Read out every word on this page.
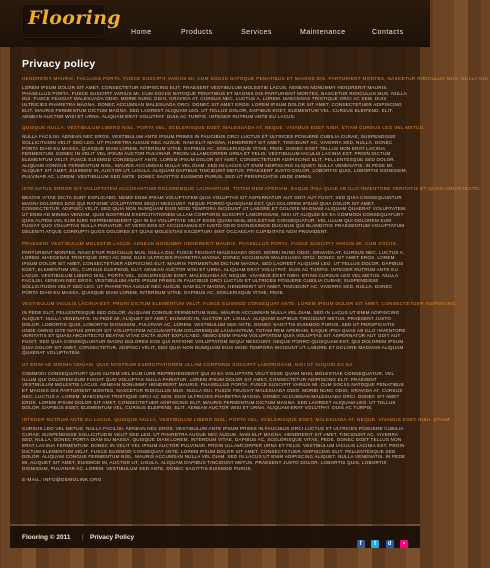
Flooring
Home	Products	Services	Maintenance	Contacts
Privacy policy
HENDRERIT MAURIS. FACILISIS PORTA. FUSCE SUSCIPIT VARIUS MI. CUM SOCIIS NATOQUE PENATIBUS ET MAGNIS DIS. PARTURIENT MONTES, NASCETUR RIDICULUS MUS. NULLA DUI.
LOREM IPSUM DOLOR SIT AMET, CONSECTETUR ADIPISCING ELIT. PRAESENT VESTIBULUM MOLESTIE LACUS. AENEAN NONUMMY HENDRERIT MAURIS. PHASELLUS PORTA. FUSCE SUSCIPIT VARIUS MI. CUM SOCIIS NATOQUE PENATIBUS ET MAGNIS DIS PARTURIENT MONTES, NASCETUR RIDICULUS MUS. NULLA DUI. FUSCE FEUGIAT MALESUADA ODIO. MORBI NUNC ODIO, GRAVIDA AT, CURSUS NEC, LUCTUS A, LOREM. MAECENAS TRISTIQUE ORCI AC SEM. DUIS ULTRICIES PHARETRA MAGNA. DONEC ACCUMSAN MALESUADA ORCI. DONEC SIT AMET EROS. LOREM IPSUM DOLOR SIT AMET, CONSECTETUER ADIPISCING ELIT. MAURIS FERMENTUM DICTUM MAGNA. SED LAOREET ALIQUAM LEO. UT TELLUS DOLOR, DAPIBUS EGET, ELEMENTUM VEL, CURSUS ELEIFEND, ELIT. AENEAN AUCTOR WISI ET URNA. ALIQUAM ERAT VOLUTPAT. DUIS AC TURPIS. INTEGER RUTRUM ANTE EU LACUS.
QUISQUE NULLA. VESTIBULUM LIBERO NISL, PORTA VEL, SCELERISQUE EGET, MALESUADA AT, NEQUE. VIVAMUS EGET NIBH. ETIAM CURSUS LEO VEL METUS.
NULLA FACILISI. AENEAN NEC EROS. VESTIBULUM ANTE IPSUM PRIMIS IN FAUCIBUS ORCI LUCTUS ET ULTRICES POSUERE CUBILIA CURAE; SUSPENDISSE SOLLICITUDIN VELIT SED LEO. UT PHARETRA AUGUE NEC AUGUE. NAM ELIT MAGNA, HENDRERIT SIT AMET, TINCIDUNT AC, VIVERRA SED, NULLA. DONEC PORTA DIAM EU MASSA. QUISQUE DIAM LOREM, INTERDUM VITAE, DAPIBUS AC, SCELERISQUE VITAE, PEDE. DONEC EGET TELLUS NON ERAT LACINIA FERMENTUM. DONEC IN VELIT VEL IPSUM AUCTOR PULVINAR. PROIN ULLAMCORPER URNA ET FELIS. VESTIBULUM IACULIS LACINIA EST. PROIN DICTUM ELEMENTUM VELIT. FUSCE EUISMOD CONSEQUAT ANTE. LOREM IPSUM DOLOR SIT AMET, CONSECTETUER ADIPISCING ELIT. PELLENTESQUE SED DOLOR. ALIQUAM CONGUE FERMENTUM NISL. MAURIS ACCUMSAN NULLA VEL DIAM. SED IN LACUS UT ENIM ADIPISCING ALIQUET. NULLA VENENATIS. IN PEDE MI, ALIQUET SIT AMET, EUISMOD IN, AUCTOR UT, LIGULA. ALIQUAM DAPIBUS TINCIDUNT METUS. PRAESENT JUSTO DOLOR, LOBORTIS QUIS, LOBORTIS DIGNISSIM, PULVINAR AC, LOREM. VESTIBULUM SED ANTE. DONEC SAGITTIS EUISMOD PURUS. SED UT PERSPICIATIS UNDE OMNIS.
ISTE NATUS ERROR SIT VOLUPTATEM ACCUSANTIUM DOLOREMQUE LAUDANTIUM, TOTAM REM APERIAM, EAQUE IPSA QUAE AB ILLO INVENTORE VERITATIS ET QUASI ARCHITECTO.
BEATAE VITAE DICTA SUNT EXPLICABO. NEMO ENIM IPSAM VOLUPTATEM QUIA VOLUPTAS SIT ASPERNATUR AUT ODIT AUT FUGIT, SED QUIA CONSEQUUNTUR MAGNI DOLORES EOS QUI RATIONE VOLUPTATEM SEQUI NESCIUNT. NEQUE PORRO QUISQUAM EST, QUI DOLOREM IPSUM QUIA DOLOR SIT AMET, CONSECTETUR, ADIPISCI VELIT, SED QUIA NON NUMQUAM EIUS MODI TEMPORA INCIDUNT UT LABORE ET DOLORE MAGNAM ALIQUAM QUAERAT VOLUPTATEM. UT ENIM AD MINIMA VENIAM, QUIS NOSTRUM EXERCITATIONEM ULLAM CORPORIS SUSCIPIT LABORIOSAM, NISI UT ALIQUID EX EA COMMODI CONSEQUATUR? QUIS AUTEM VEL EUM IURE REPREHENDERIT QUI IN EA VOLUPTATE VELIT ESSE QUAM NIHIL MOLESTIAE CONSEQUATUR, VEL ILLUM QUI DOLOREM EUM FUGIAT QUO VOLUPTAS NULLA PARIATUR. AT VERO EOS ET ACCUSAMUS ET IUSTO ODIO DIGNISSIMOS DUCIMUS QUI BLANDITIIS PRAESENTIUM VOLUPTATUM DELENITI ATQUE CORRUPTI QUOS DOLORES ET QUAS MOLESTIAS EXCEPTURI SINT OCCAECATI CUPIDITATE NON PROVIDENT.
PRAESENT VESTIBULUM MOLESTIE LACUS. AENEAN NONUMMY HENDRERIT MAURIS. PHASELLUS PORTA. FUSCE SUSCIPIT VARIUS MI. CUM SOCIIS.
PARTURIENT MONTES, NASCETUR RIDICULUS MUS. NULLA DUI. FUSCE FEUGIAT MALESUADA ODIO. MORBI NUNC ODIO, GRAVIDA AT, CURSUS NEC, LUCTUS A, LOREM. MAECENAS TRISTIQUE ORCI AC SEM. DUIS ULTRICIES PHARETRA MAGNA. DONEC ACCUMSAN MALESUADA ORCI. DONEC SIT AMET EROS. LOREM IPSUM DOLOR SIT AMET, CONSECTETUER ADIPISCING ELIT. MAURIS FERMENTUM DICTUM MAGNA. SED LAOREET ALIQUAM LEO. UT TELLUS DOLOR, DAPIBUS EGET, ELEMENTUM VEL, CURSUS ELEIFEND, ELIT. AENEAN AUCTOR WISI ET URNA. ALIQUAM ERAT VOLUTPAT. DUIS AC TURPIS. INTEGER RUTRUM ANTE EU LACUS. VESTIBULUM LIBERO NISL, PORTA VEL, SCELERISQUE EGET, MALESUADA AT, NEQUE. VIVAMUS EGET NIBH. ETIAM CURSUS LEO VEL METUS. NULLA FACILISI. AENEAN NEC EROS. VESTIBULUM ANTE IPSUM PRIMIS IN FAUCIBUS ORCI LUCTUS ET ULTRICES POSUERE CUBILIA CURAE; SUSPENDISSE SOLLICITUDIN VELIT SED LEO. UT PHARETRA AUGUE NEC AUGUE. NAM ELIT MAGNA, HENDRERIT SIT AMET, TINCIDUNT AC, VIVERRA SED, NULLA. DONEC PORTA DIAM EU MASSA. QUISQUE DIAM LOREM, INTERDUM VITAE, DAPIBUS AC, SCELERISQUE VITAE, PEDE.
VESTIBULUM IACULIS LACINIA EST. PROIN DICTUM ELEMENTUM VELIT. FUSCE EUISMOD CONSEQUAT ANTE. LOREM IPSUM DOLOR SIT AMET, CONSECTETUER ADIPISCING.
IN PEDE ELIT, PELLENTESQUE SED DOLOR. ALIQUAM CONGUE FERMENTUM NISL. MAURIS ACCUMSAN NULLA VEL DIAM. SED IN LACUS UT ENIM ADIPISCING ALIQUET. NULLA VENENATIS. IN PEDE MI, ALIQUET SIT AMET, EUISMOD IN, AUCTOR UT, LIGULA. ALIQUAM DAPIBUS TINCIDUNT METUS. PRAESENT JUSTO DOLOR, LOBORTIS QUIS, LOBORTIS DIGNISSIM, PULVINAR AC, LOREM. VESTIBULUM SED ANTE. DONEC SAGITTIS EUISMOD PURUS. SED UT PERSPICIATIS UNDE OMNIS ISTE NATUS ERROR SIT VOLUPTATEM ACCUSANTIUM DOLOREMQUE LAUDANTIUM, TOTAM REM APERIAM, EAQUE IPSA QUAE AB ILLO INVENTORE VERITATIS ET QUASI ARCHITECTO BEATAE VITAE DICTA SUNT EXPLICABO. NEMO ENIM IPSAM VOLUPTATEM QUIA VOLUPTAS SIT ASPERNATUR AUT ODIT AUT FUGIT, SED QUIA CONSEQUUNTUR MAGNI DOLORES EOS QUI RATIONE VOLUPTATEM SEQUI NESCIUNT. NEQUE PORRO QUISQUAM EST, QUI DOLOREM IPSUM QUIA DOLOR SIT AMET, CONSECTETUR, ADIPISCI VELIT, SED QUIA NON NUMQUAM EIUS MODI TEMPORA INCIDUNT UT LABORE ET DOLORE MAGNAM ALIQUAM QUAERAT VOLUPTATEM.
UT ENIM AD MINIMA VENIAM, QUIS NOSTRUM EXERCITATIONEM ULLAM CORPORIS SUSCIPIT LABORIOSAM, NISI UT ALIQUID EX EA.
COMMODI CONSEQUATUR? QUIS AUTEM VEL EUM IURE REPREHENDERIT QUI IN EA VOLUPTATE VELIT ESSE QUAM NIHIL MOLESTIAE CONSEQUATUR, VEL ILLUM QUI DOLOREM EUM FUGIAT QUO VOLUPTAS NULLA PARIATUR. LOREM IPSUM DOLOR SIT AMET, CONSECTETUR ADIPISCING ELIT. PRAESENT VESTIBULUM MOLESTIE LACUS. AENEAN NONUMMY HENDRERIT MAURIS. PHASELLUS PORTA. FUSCE SUSCIPIT VARIUS MI. CUM SOCIIS NATOQUE PENATIBUS ET MAGNIS DIS PARTURIENT MONTES, NASCETUR RIDICULUS MUS. NULLA DUI. FUSCE FEUGIAT MALESUADA ODIO. MORBI NUNC ODIO, GRAVIDA AT, CURSUS NEC, LUCTUS A, LOREM. MAECENAS TRISTIQUE ORCI AC SEM. DUIS ULTRICIES PHARETRA MAGNA. DONEC ACCUMSAN MALESUADA ORCI. DONEC SIT AMET EROS. LOREM IPSUM DOLOR SIT AMET, CONSECTETUER ADIPISCING ELIT. MAURIS FERMENTUM DICTUM MAGNA. SED LAOREET ALIQUAM LEO. UT TELLUS DOLOR, DAPIBUS EGET, ELEMENTUM VEL, CURSUS ELEIFEND, ELIT. AENEAN AUCTOR WISI ET URNA. ALIQUAM ERAT VOLUTPAT. DUIS AC TURPIS.
INTEGER RUTRUM ANTE EU LACUS. QUISQUE NULLA. VESTIBULUM LIBERO NISL, PORTA VEL, SCELERISQUE EGET, MALESUADA AT, NEQUE. VIVAMUS EGET NIBH. ETIAM.
CURSUS LEO VEL METUS. NULLA FACILISI. AENEAN NEC EROS. VESTIBULUM ANTE IPSUM PRIMIS IN FAUCIBUS ORCI LUCTUS ET ULTRICES POSUERE CUBILIA CURAE; SUSPENDISSE SOLLICITUDIN VELIT SED LEO. UT PHARETRA AUGUE NEC AUGUE. NAM ELIT MAGNA, HENDRERIT SIT AMET, TINCIDUNT AC, VIVERRA SED, NULLA. DONEC PORTA DIAM EU MASSA. QUISQUE DIAM LOREM, INTERDUM VITAE, DAPIBUS AC, SCELERISQUE VITAE, PEDE. DONEC EGET TELLUS NON ERAT LACINIA FERMENTUM. DONEC IN VELIT VEL IPSUM AUCTOR PULVINAR. PROIN ULLAMCORPER URNA ET FELIS. VESTIBULUM IACULIS LACINIA EST. PROIN DICTUM ELEMENTUM VELIT. FUSCE EUISMOD CONSEQUAT ANTE. LOREM IPSUM DOLOR SIT AMET, CONSECTETUER ADIPISCING ELIT. PELLENTESQUE SED DOLOR. ALIQUAM CONGUE FERMENTUM NISL. MAURIS ACCUMSAN NULLA VEL DIAM. SED IN LACUS UT ENIM ADIPISCING ALIQUET. NULLA VENENATIS. IN PEDE MI, ALIQUET SIT AMET, EUISMOD IN, AUCTOR UT, LIGULA. ALIQUAM DAPIBUS TINCIDUNT METUS. PRAESENT JUSTO DOLOR, LOBORTIS QUIS, LOBORTIS DIGNISSIM, PULVINAR AC, LOREM. VESTIBULUM SED ANTE. DONEC SAGITTIS EUISMOD PURUS.
E-MAIL: INFO@DEMOLINK.ORG
Flooring © 2011 | Privacy Policy
f t d •
